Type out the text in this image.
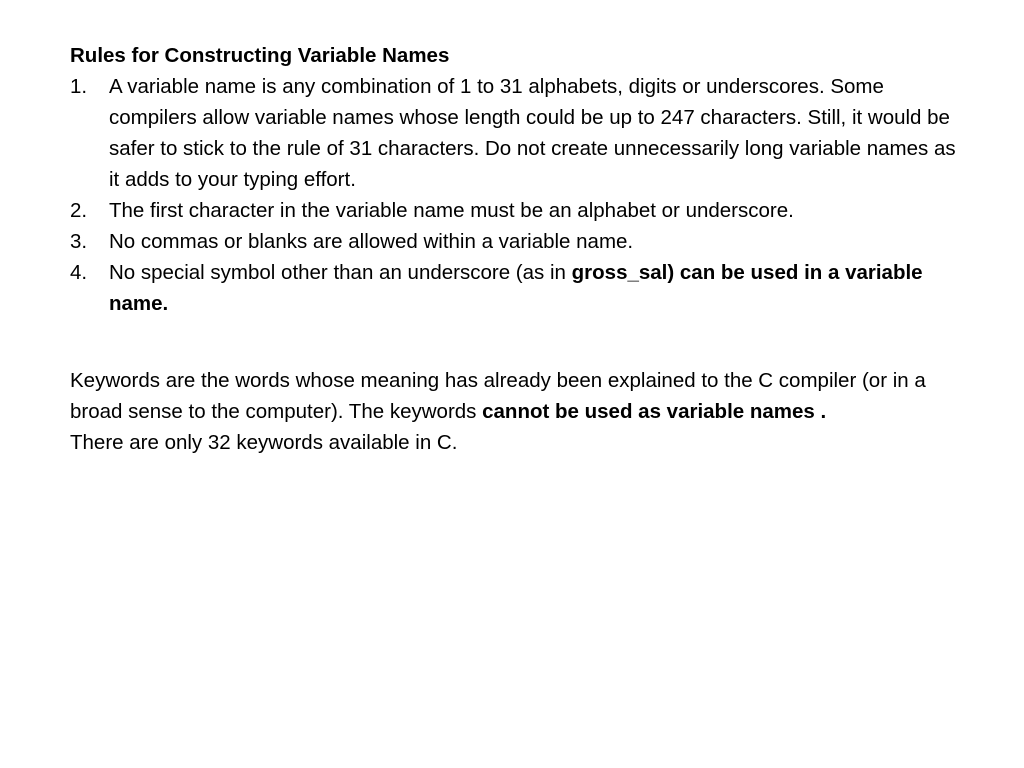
Rules for Constructing Variable Names

1. A variable name is any combination of 1 to 31 alphabets, digits or underscores. Some compilers allow variable names whose length could be up to 247 characters. Still, it would be safer to stick to the rule of 31 characters. Do not create unnecessarily long variable names as it adds to your typing effort.
2. The first character in the variable name must be an alphabet or underscore.
3. No commas or blanks are allowed within a variable name.
4. No special symbol other than an underscore (as in gross_sal) can be used in a variable name.

Keywords are the words whose meaning has already been explained to the C compiler (or in a broad sense to the computer). The keywords cannot be used as variable names .

There are only 32 keywords available in C.
